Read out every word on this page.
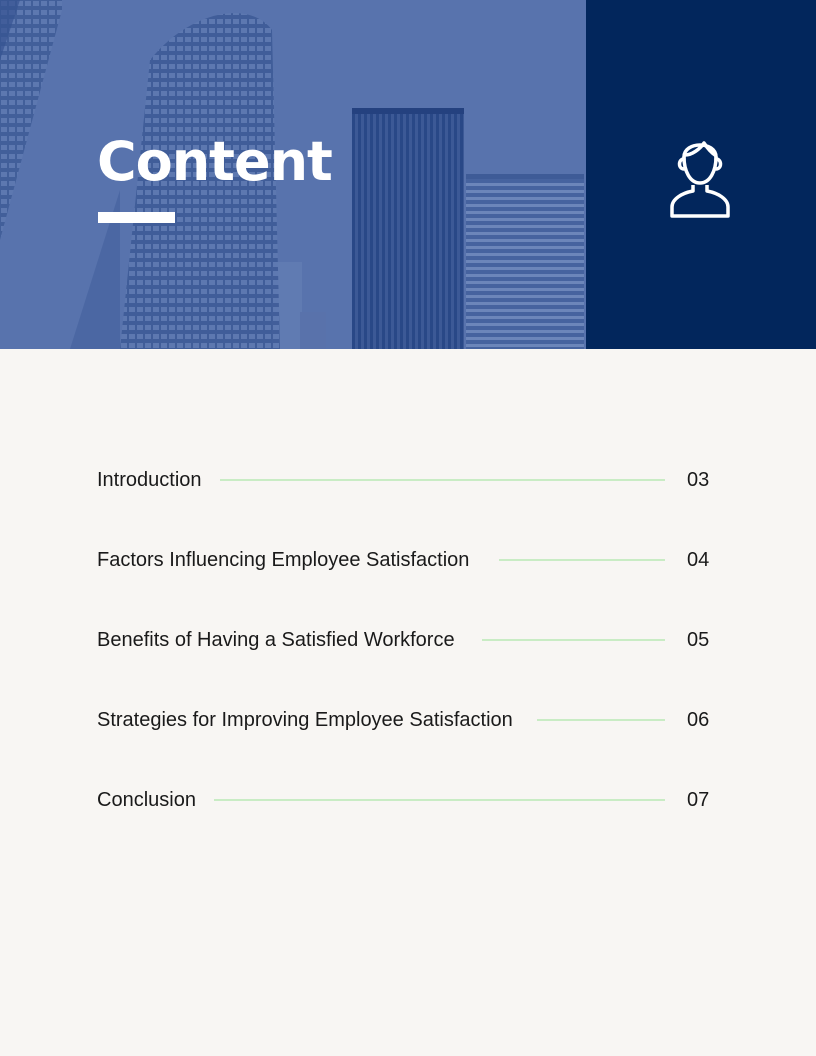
Content
Introduction	03
Factors Influencing Employee Satisfaction	04
Benefits of Having a Satisfied Workforce	05
Strategies for Improving Employee Satisfaction	06
Conclusion	07
